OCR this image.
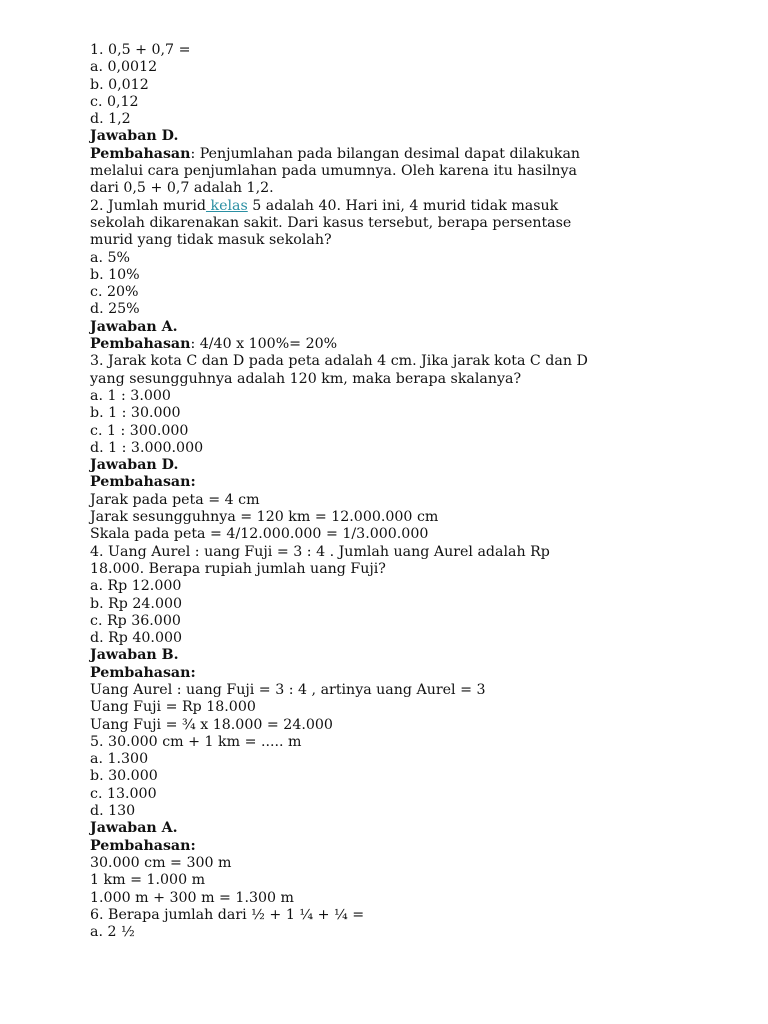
1. 0,5 + 0,7 =
a. 0,0012
b. 0,012
c. 0,12
d. 1,2
Jawaban D.
Pembahasan: Penjumlahan pada bilangan desimal dapat dilakukan
melalui cara penjumlahan pada umumnya. Oleh karena itu hasilnya
dari 0,5 + 0,7 adalah 1,2.
2. Jumlah murid kelas 5 adalah 40. Hari ini, 4 murid tidak masuk
sekolah dikarenakan sakit. Dari kasus tersebut, berapa persentase
murid yang tidak masuk sekolah?
a. 5%
b. 10%
c. 20%
d. 25%
Jawaban A.
Pembahasan: 4/40 x 100%= 20%
3. Jarak kota C dan D pada peta adalah 4 cm. Jika jarak kota C dan D
yang sesungguhnya adalah 120 km, maka berapa skalanya?
a. 1 : 3.000
b. 1 : 30.000
c. 1 : 300.000
d. 1 : 3.000.000
Jawaban D.
Pembahasan:
Jarak pada peta = 4 cm
Jarak sesungguhnya = 120 km = 12.000.000 cm
Skala pada peta = 4/12.000.000 = 1/3.000.000
4. Uang Aurel : uang Fuji = 3 : 4 . Jumlah uang Aurel adalah Rp
18.000. Berapa rupiah jumlah uang Fuji?
a. Rp 12.000
b. Rp 24.000
c. Rp 36.000
d. Rp 40.000
Jawaban B.
Pembahasan:
Uang Aurel : uang Fuji = 3 : 4 , artinya uang Aurel = 3
Uang Fuji = Rp 18.000
Uang Fuji = ¾ x 18.000 = 24.000
5. 30.000 cm + 1 km = ..... m
a. 1.300
b. 30.000
c. 13.000
d. 130
Jawaban A.
Pembahasan:
30.000 cm = 300 m
1 km = 1.000 m
1.000 m + 300 m = 1.300 m
6. Berapa jumlah dari ½ + 1 ¼ + ¼ =
a. 2 ½
